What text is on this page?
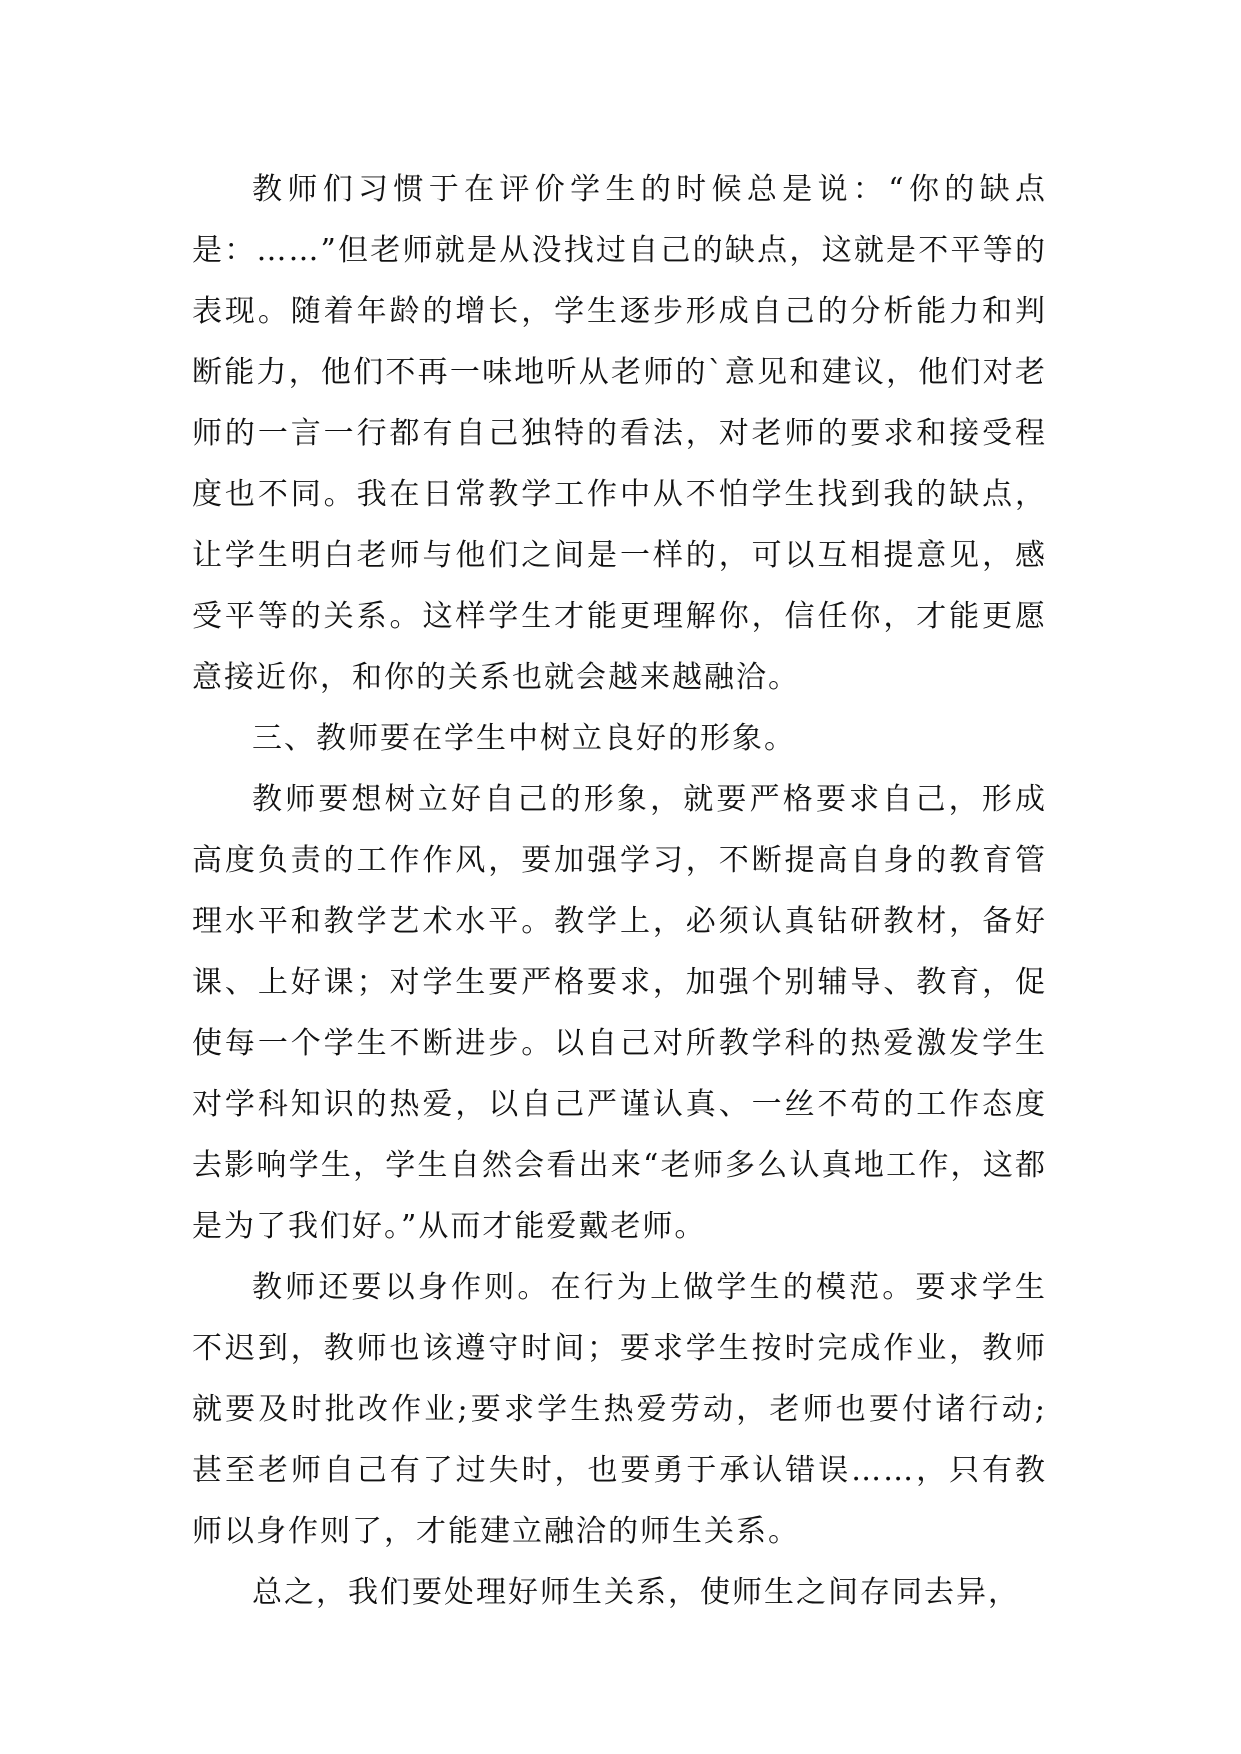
教师们习惯于在评价学生的时候总是说：“你的缺点是：……”但老师就是从没找过自己的缺点，这就是不平等的表现。随着年龄的增长，学生逐步形成自己的分析能力和判断能力，他们不再一味地听从老师的`意见和建议，他们对老师的一言一行都有自己独特的看法，对老师的要求和接受程度也不同。我在日常教学工作中从不怕学生找到我的缺点，让学生明白老师与他们之间是一样的，可以互相提意见，感受平等的关系。这样学生才能更理解你，信任你，才能更愿意接近你，和你的关系也就会越来越融洽。

三、教师要在学生中树立良好的形象。

教师要想树立好自己的形象，就要严格要求自己，形成高度负责的工作作风，要加强学习，不断提高自身的教育管理水平和教学艺术水平。教学上，必须认真钻研教材，备好课、上好课；对学生要严格要求，加强个别辅导、教育，促使每一个学生不断进步。以自己对所教学科的热爱激发学生对学科知识的热爱，以自己严谨认真、一丝不苟的工作态度去影响学生，学生自然会看出来“老师多么认真地工作，这都是为了我们好。”从而才能爱戴老师。

教师还要以身作则。在行为上做学生的模范。要求学生不迟到，教师也该遵守时间；要求学生按时完成作业，教师就要及时批改作业;要求学生热爱劳动，老师也要付诸行动;甚至老师自己有了过失时，也要勇于承认错误……，只有教师以身作则了，才能建立融洽的师生关系。

总之，我们要处理好师生关系，使师生之间存同去异，
